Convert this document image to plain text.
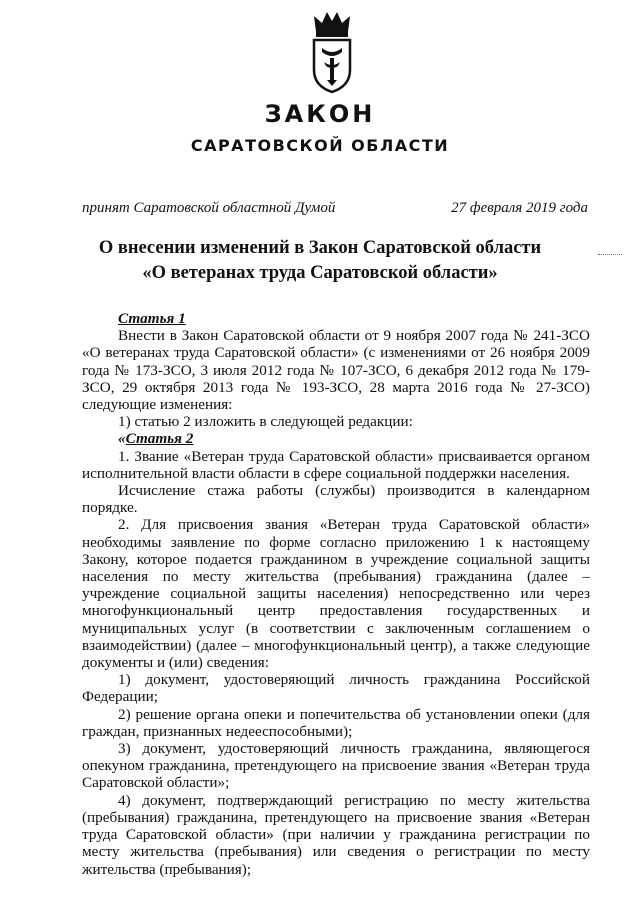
ЗАКОН
САРАТОВСКОЙ ОБЛАСТИ
принят Саратовской областной Думой	27 февраля 2019 года
О внесении изменений в Закон Саратовской области
«О ветеранах труда Саратовской области»

Статья 1

Внести в Закон Саратовской области от 9 ноября 2007 года № 241-ЗСО «О ветеранах труда Саратовской области» (с изменениями от 26 ноября 2009 года № 173-ЗСО, 3 июля 2012 года № 107-ЗСО, 6 декабря 2012 года № 179-ЗСО, 29 октября 2013 года № 193-ЗСО, 28 марта 2016 года № 27-ЗСО) следующие изменения:

1) статью 2 изложить в следующей редакции:

«Статья 2

1. Звание «Ветеран труда Саратовской области» присваивается органом исполнительной власти области в сфере социальной поддержки населения.

Исчисление стажа работы (службы) производится в календарном порядке.

2. Для присвоения звания «Ветеран труда Саратовской области» необходимы заявление по форме согласно приложению 1 к настоящему Закону, которое подается гражданином в учреждение социальной защиты населения по месту жительства (пребывания) гражданина (далее – учреждение социальной защиты населения) непосредственно или через многофункциональный центр предоставления государственных и муниципальных услуг (в соответствии с заключенным соглашением о взаимодействии) (далее – многофункциональный центр), а также следующие документы и (или) сведения:

1) документ, удостоверяющий личность гражданина Российской Федерации;

2) решение органа опеки и попечительства об установлении опеки (для граждан, признанных недееспособными);

3) документ, удостоверяющий личность гражданина, являющегося опекуном гражданина, претендующего на присвоение звания «Ветеран труда Саратовской области»;

4) документ, подтверждающий регистрацию по месту жительства (пребывания) гражданина, претендующего на присвоение звания «Ветеран труда Саратовской области» (при наличии у гражданина регистрации по месту жительства (пребывания) или сведения о регистрации по месту жительства (пребывания);
